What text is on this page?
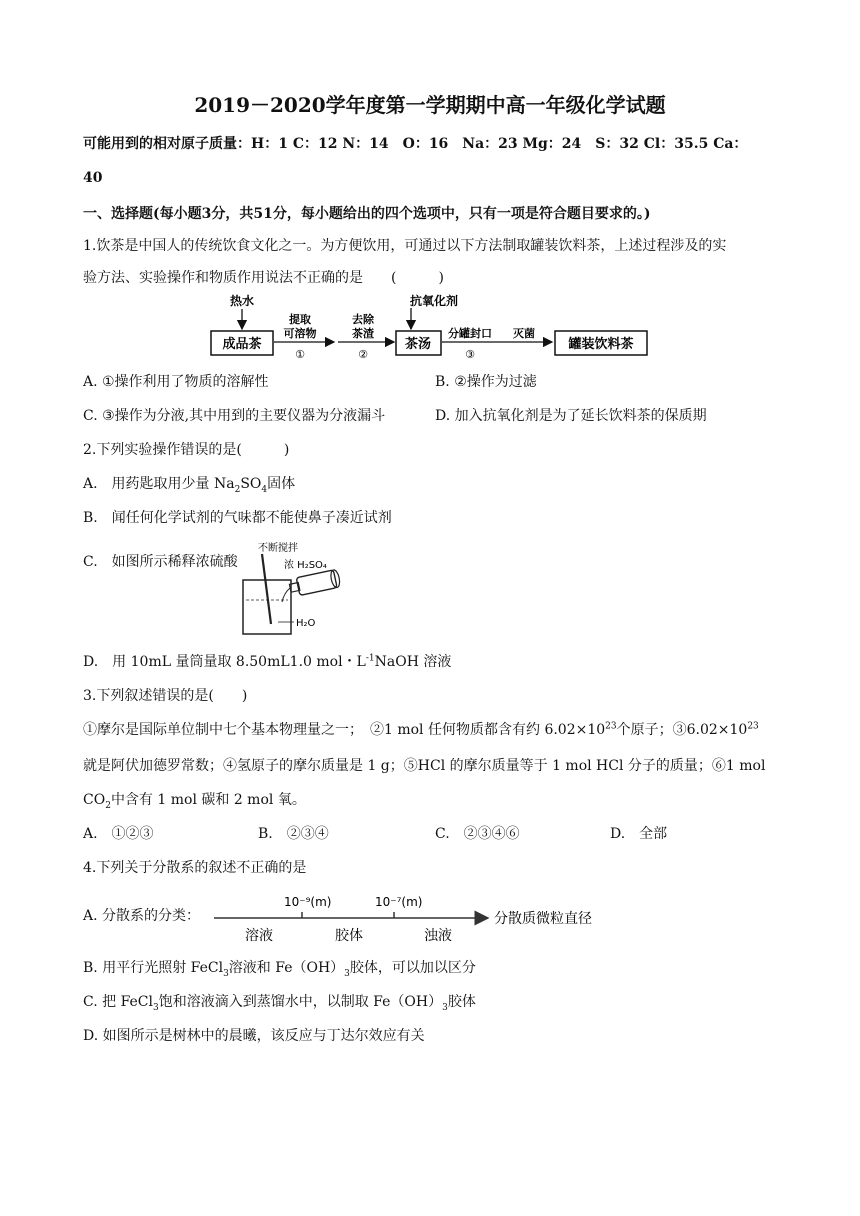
2019－2020学年度第一学期期中高一年级化学试题
可能用到的相对原子质量：H：1 C：12 N：14　O：16　Na：23 Mg：24　S：32 Cl：35.5 Ca：
40
一、选择题(每小题3分，共51分，每小题给出的四个选项中，只有一项是符合题目要求的。)
1.饮茶是中国人的传统饮食文化之一。为方便饮用，可通过以下方法制取罐装饮料茶，上述过程涉及的实
验方法、实验操作和物质作用说法不正确的是　　(　　　)
热水
成品茶
提取
可溶物
①
去除
茶渣
②
抗氧化剂
茶汤
分罐封口
③
灭菌
罐装饮料茶
A. ①操作利用了物质的溶解性	B. ②操作为过滤
C. ③操作为分液,其中用到的主要仪器为分液漏斗	D. 加入抗氧化剂是为了延长饮料茶的保质期
2.下列实验操作错误的是(　　　)
A.　用药匙取用少量 $Na_2SO_4$固体
B.　闻任何化学试剂的气味都不能使鼻子凑近试剂
C.　如图所示稀释浓硫酸
不断搅拌
浓 H₂SO₄
H₂O
D.　用 10mL 量筒量取 8.50mL1.0 mol・$L^{-1}NaOH$ 溶液
3.下列叙述错误的是(　　)
①摩尔是国际单位制中七个基本物理量之一；　②1 mol 任何物质都含有约 $6.02\times 10^{23}$个原子；$③6.02\times 10^{23}$
就是阿伏加德罗常数；④氢原子的摩尔质量是 1 g；⑤HCl 的摩尔质量等于 1 mol HCl 分子的质量；⑥1 mol
$CO_2$中含有 1 mol 碳和 2 mol 氧。
A.　①②③	B.　②③④	C.　②③④⑥	D.　全部
4.下列关于分散系的叙述不正确的是
A. 分散系的分类：
10⁻⁹(m)	10⁻⁷(m)
溶液	胶体	浊液
分散质微粒直径
B. 用平行光照射 FeCl$_3$溶液和 $Fe(OH)_3$胶体，可以加以区分
C. 把 FeCl$_3$饱和溶液滴入到蒸馏水中，以制取 $Fe(OH)_3$胶体
D. 如图所示是树林中的晨曦，该反应与丁达尔效应有关
